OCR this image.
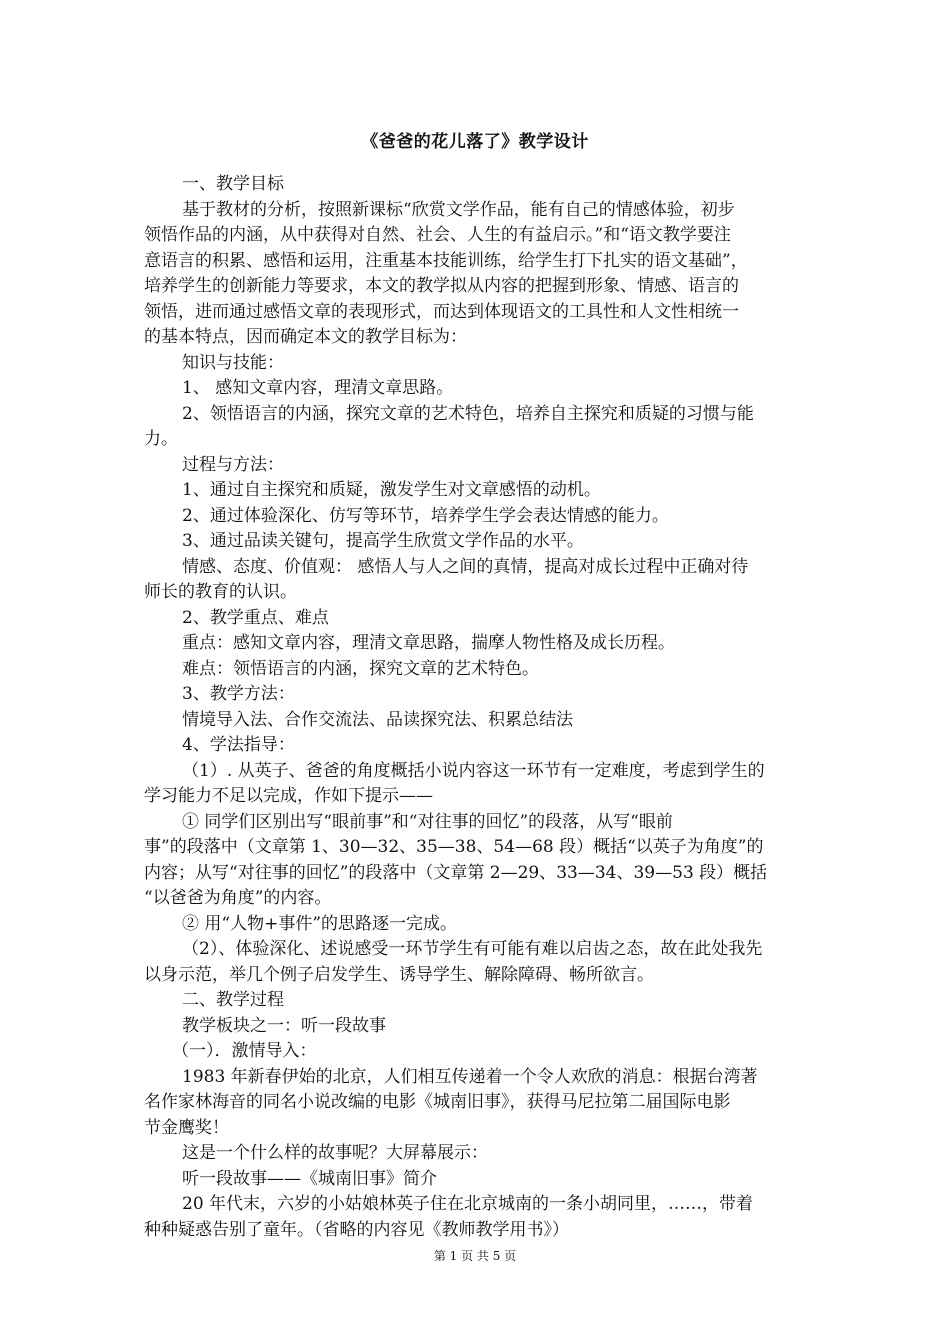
《爸爸的花儿落了》教学设计
一、教学目标
基于教材的分析，按照新课标“欣赏文学作品，能有自己的情感体验，初步
领悟作品的内涵，从中获得对自然、社会、人生的有益启示。”和“语文教学要注
意语言的积累、感悟和运用，注重基本技能训练，给学生打下扎实的语文基础”，
培养学生的创新能力等要求，本文的教学拟从内容的把握到形象、情感、语言的
领悟，进而通过感悟文章的表现形式，而达到体现语文的工具性和人文性相统一
的基本特点，因而确定本文的教学目标为：
知识与技能：
1、 感知文章内容，理清文章思路。
2、领悟语言的内涵，探究文章的艺术特色，培养自主探究和质疑的习惯与能
力。
过程与方法：
1、通过自主探究和质疑，激发学生对文章感悟的动机。
2、通过体验深化、仿写等环节，培养学生学会表达情感的能力。
3、通过品读关键句，提高学生欣赏文学作品的水平。
情感、态度、价值观： 感悟人与人之间的真情，提高对成长过程中正确对待
师长的教育的认识。
2、教学重点、难点
重点：感知文章内容，理清文章思路，揣摩人物性格及成长历程。
难点：领悟语言的内涵，探究文章的艺术特色。
3、教学方法：
情境导入法、合作交流法、品读探究法、积累总结法
4、学法指导：
（1）. 从英子、爸爸的角度概括小说内容这一环节有一定难度，考虑到学生的
学习能力不足以完成，作如下提示——
① 同学们区别出写“眼前事”和“对往事的回忆”的段落，从写“眼前
事”的段落中（文章第 1、30—32、35—38、54—68 段）概括“以英子为角度”的
内容；从写“对往事的回忆”的段落中（文章第 2—29、33—34、39—53 段）概括
“以爸爸为角度”的内容。
② 用“人物+事件”的思路逐一完成。
（2）、体验深化、述说感受一环节学生有可能有难以启齿之态，故在此处我先
以身示范，举几个例子启发学生、诱导学生、解除障碍、畅所欲言。
二、教学过程
教学板块之一：听一段故事
（一）．激情导入：
1983 年新春伊始的北京，人们相互传递着一个令人欢欣的消息：根据台湾著
名作家林海音的同名小说改编的电影《城南旧事》，获得马尼拉第二届国际电影
节金鹰奖！
这是一个什么样的故事呢？大屏幕展示：
听一段故事——《城南旧事》简介
20 年代末，六岁的小姑娘林英子住在北京城南的一条小胡同里，……，带着
种种疑惑告别了童年。（省略的内容见《教师教学用书》）
第 1 页 共 5 页
